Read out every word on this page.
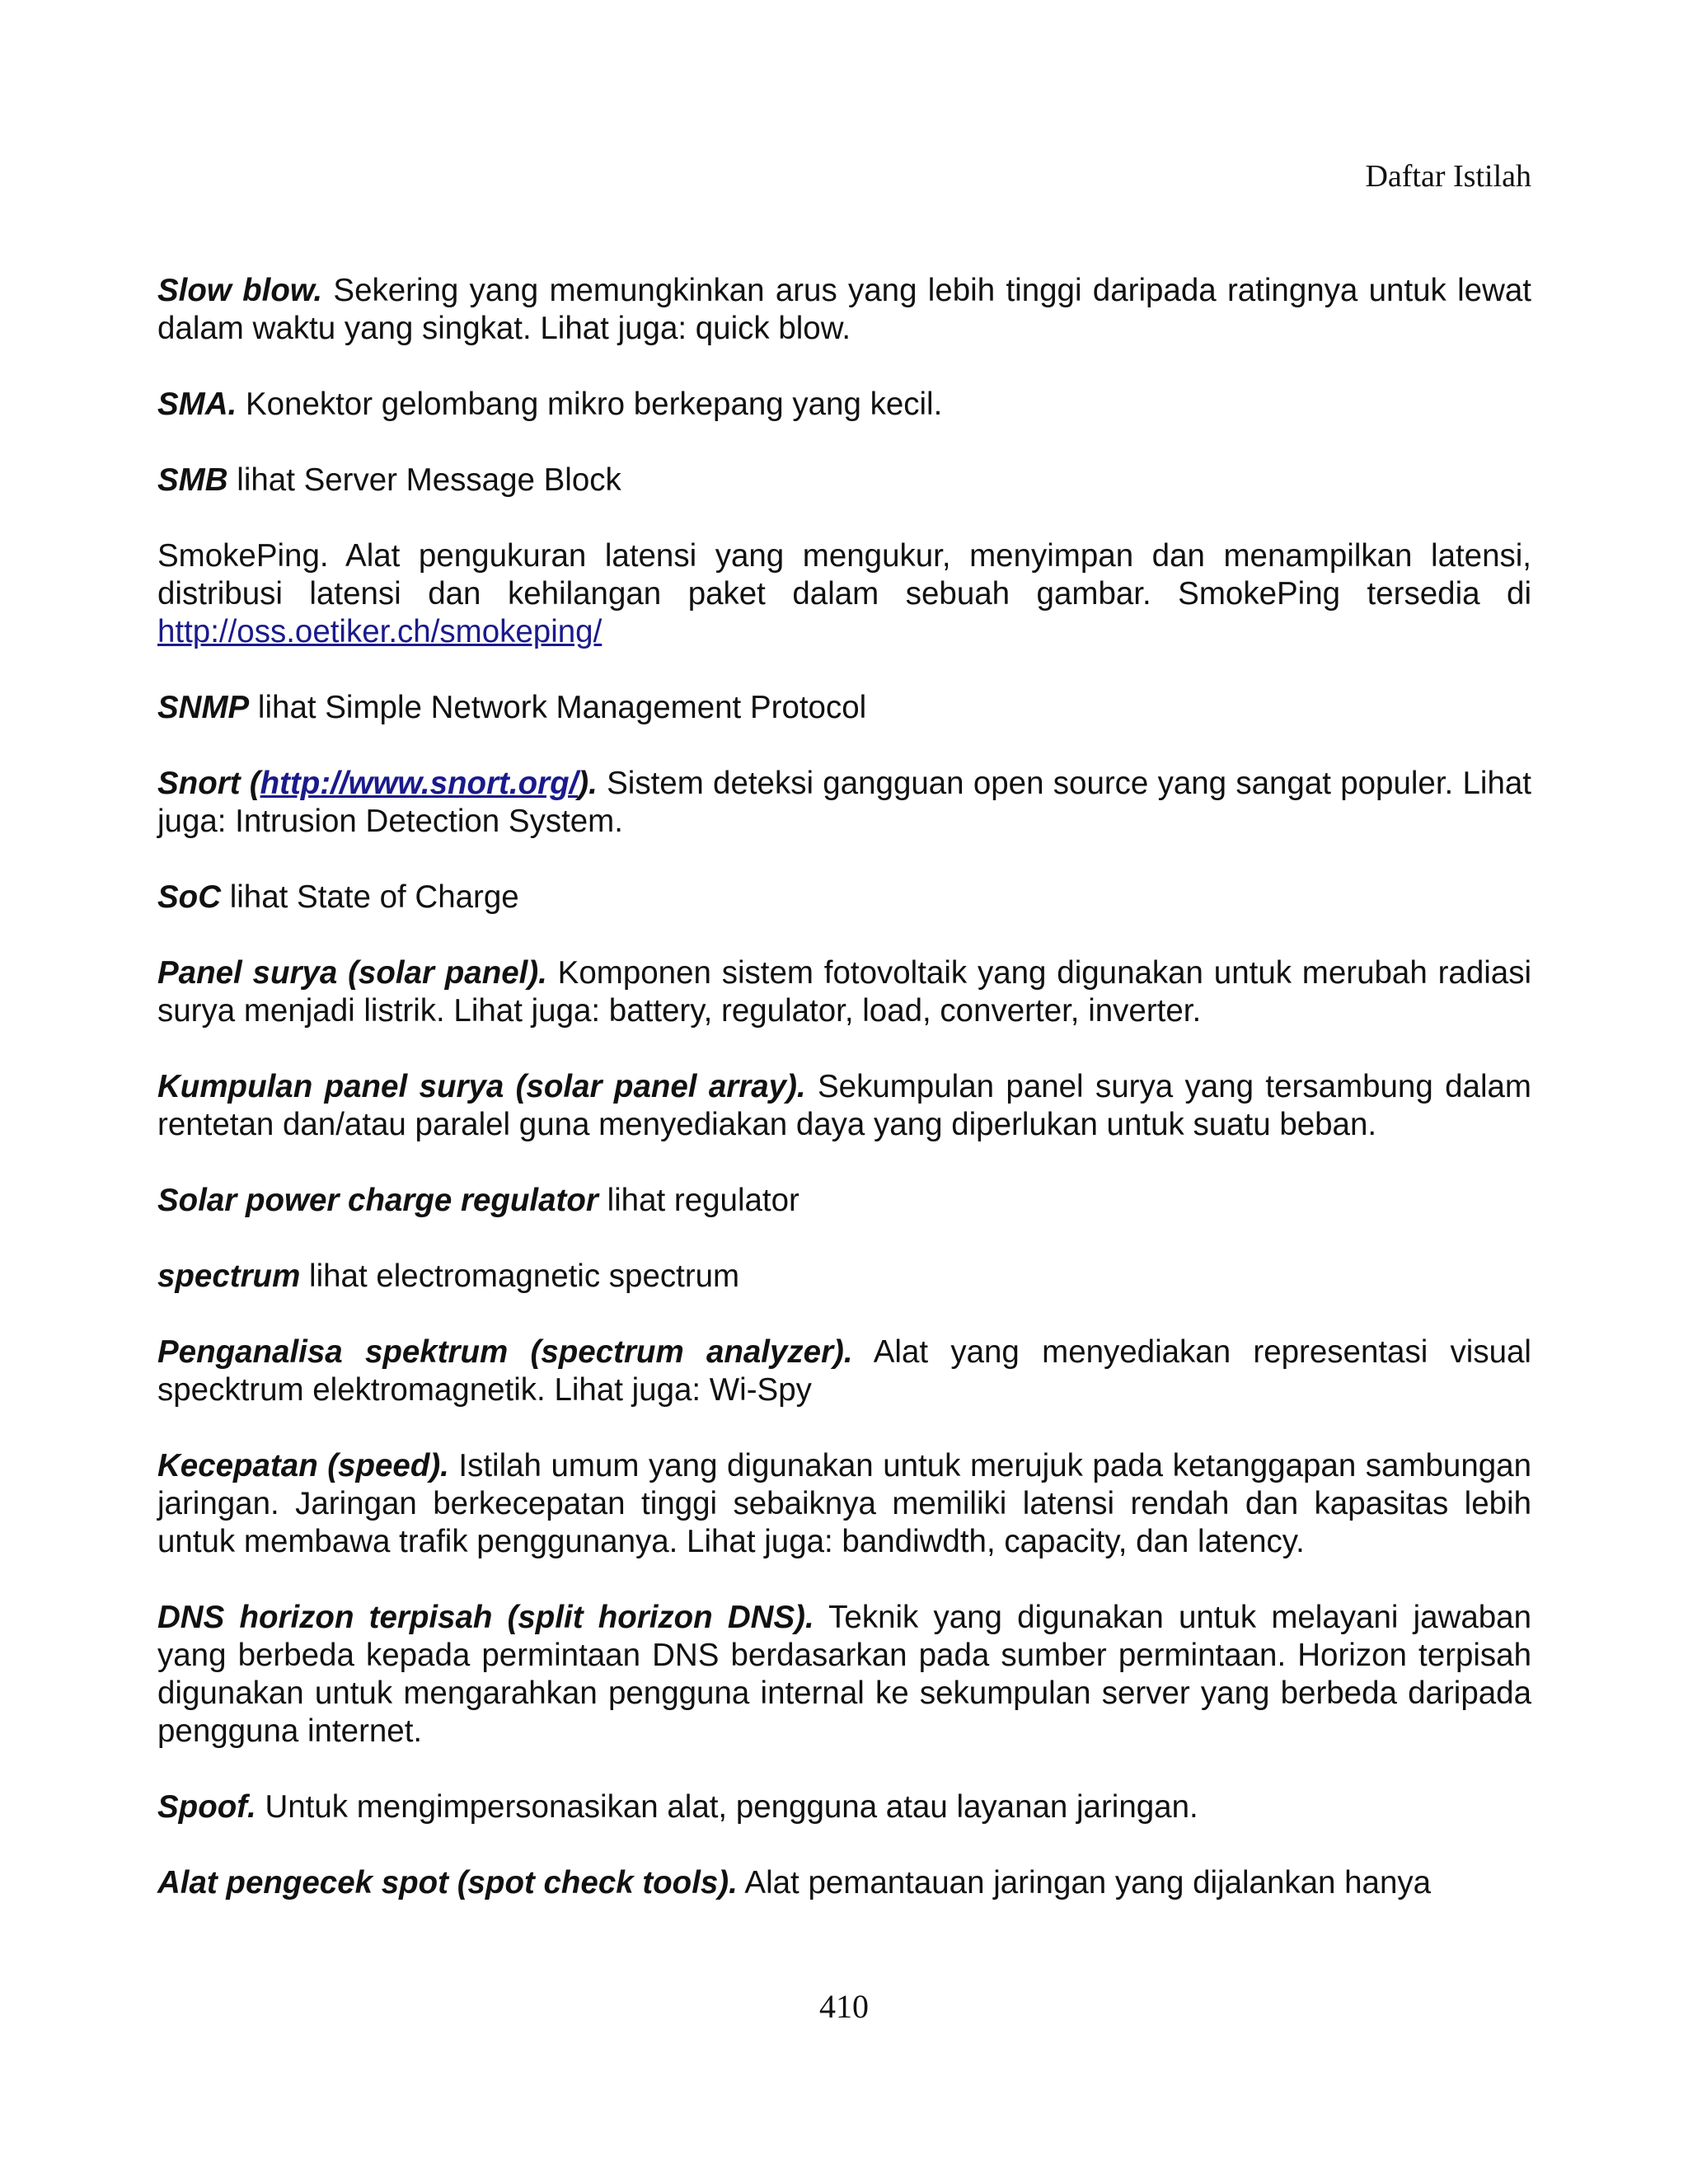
Daftar Istilah

Slow blow. Sekering yang memungkinkan arus yang lebih tinggi daripada ratingnya untuk lewat dalam waktu yang singkat. Lihat juga: quick blow.

SMA. Konektor gelombang mikro berkepang yang kecil.

SMB lihat Server Message Block

SmokePing. Alat pengukuran latensi yang mengukur, menyimpan dan menampilkan latensi, distribusi latensi dan kehilangan paket dalam sebuah gambar. SmokePing tersedia di http://oss.oetiker.ch/smokeping/

SNMP lihat Simple Network Management Protocol

Snort (http://www.snort.org/). Sistem deteksi gangguan open source yang sangat populer. Lihat juga: Intrusion Detection System.

SoC lihat State of Charge

Panel surya (solar panel). Komponen sistem fotovoltaik yang digunakan untuk merubah radiasi surya menjadi listrik. Lihat juga: battery, regulator, load, converter, inverter.

Kumpulan panel surya (solar panel array). Sekumpulan panel surya yang tersambung dalam rentetan dan/atau paralel guna menyediakan daya yang diperlukan untuk suatu beban.

Solar power charge regulator lihat regulator

spectrum lihat electromagnetic spectrum

Penganalisa spektrum (spectrum analyzer). Alat yang menyediakan representasi visual specktrum elektromagnetik. Lihat juga: Wi-Spy

Kecepatan (speed). Istilah umum yang digunakan untuk merujuk pada ketanggapan sambungan jaringan. Jaringan berkecepatan tinggi sebaiknya memiliki latensi rendah dan kapasitas lebih untuk membawa trafik penggunanya. Lihat juga: bandiwdth, capacity, dan latency.

DNS horizon terpisah (split horizon DNS). Teknik yang digunakan untuk melayani jawaban yang berbeda kepada permintaan DNS berdasarkan pada sumber permintaan. Horizon terpisah digunakan untuk mengarahkan pengguna internal ke sekumpulan server yang berbeda daripada pengguna internet.

Spoof. Untuk mengimpersonasikan alat, pengguna atau layanan jaringan.

Alat pengecek spot (spot check tools). Alat pemantauan jaringan yang dijalankan hanya

410
